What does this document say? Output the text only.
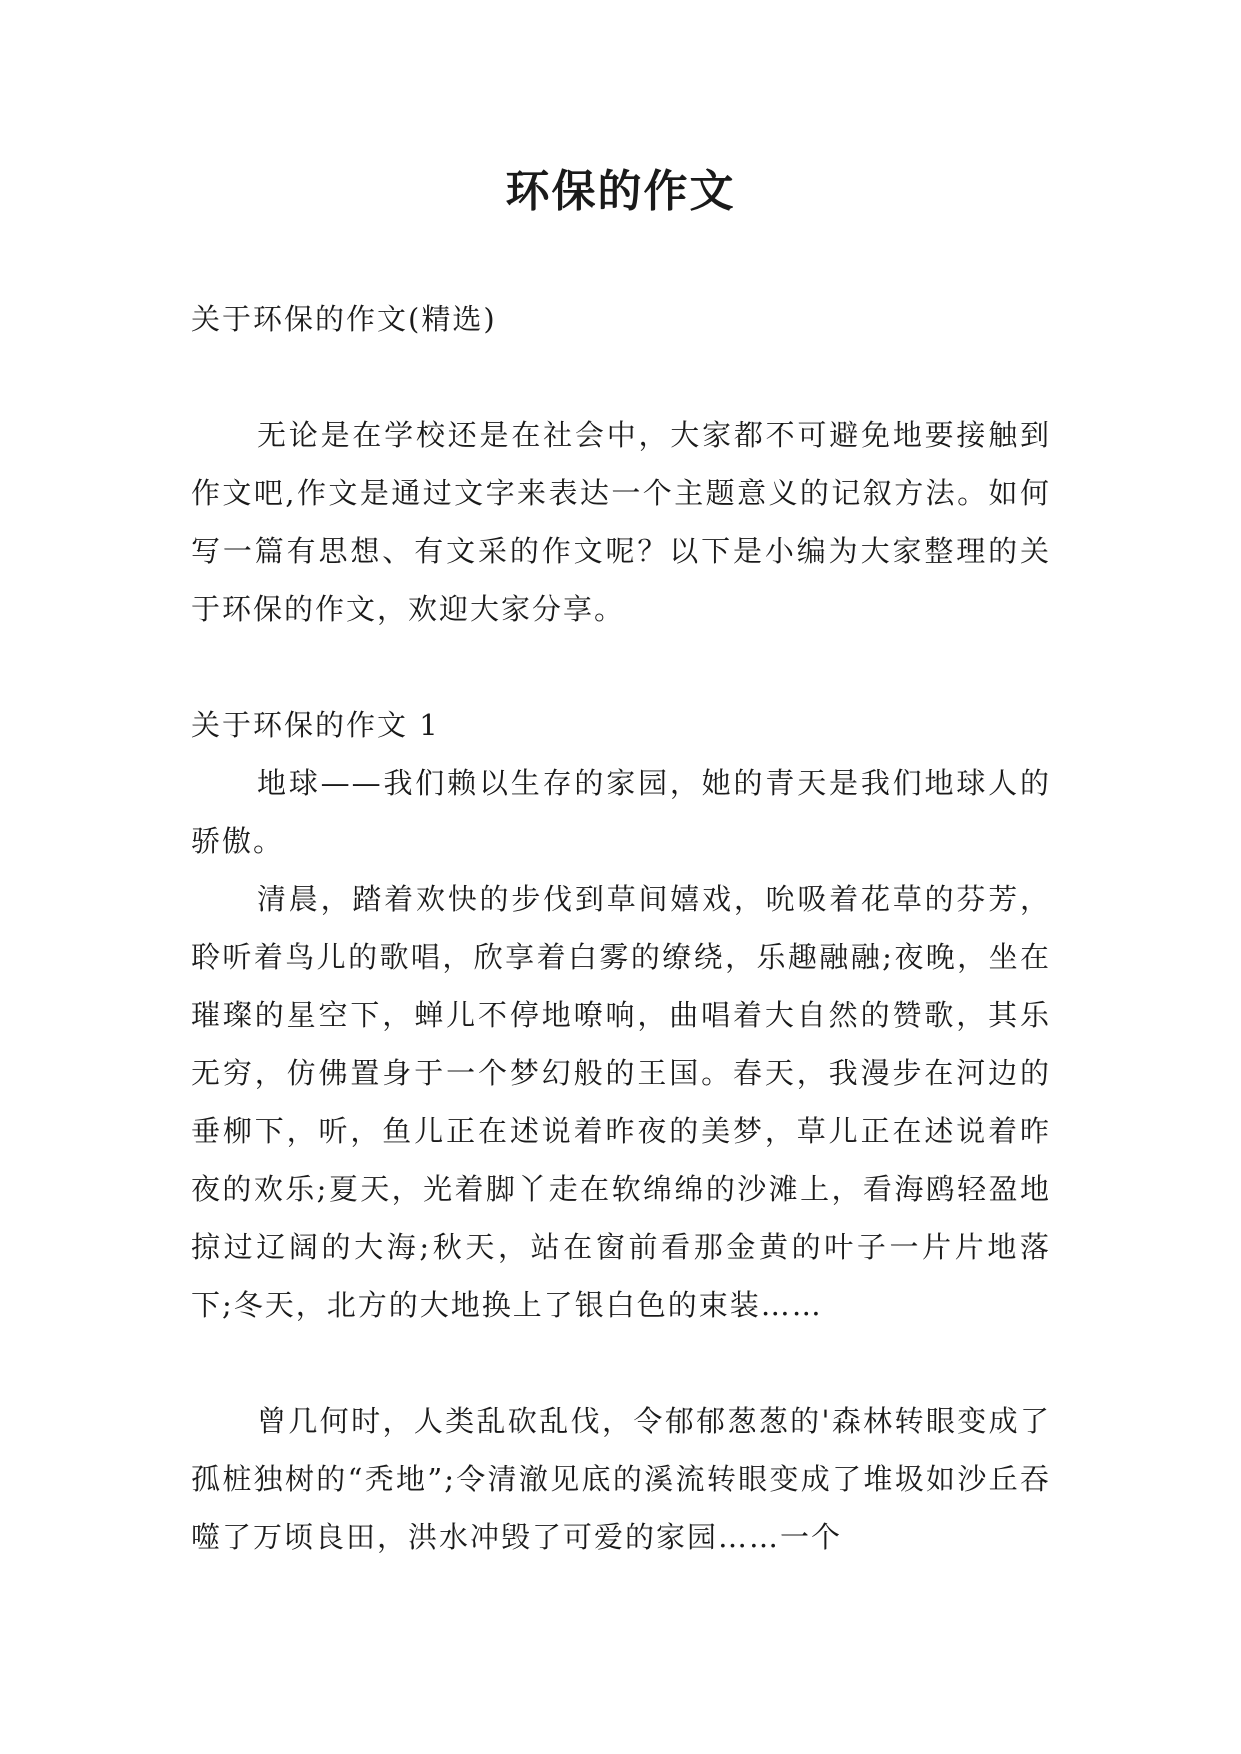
环保的作文

关于环保的作文(精选)

无论是在学校还是在社会中，大家都不可避免地要接触到作文吧,作文是通过文字来表达一个主题意义的记叙方法。如何写一篇有思想、有文采的作文呢？以下是小编为大家整理的关于环保的作文，欢迎大家分享。

关于环保的作文 1

地球——我们赖以生存的家园，她的青天是我们地球人的骄傲。

清晨，踏着欢快的步伐到草间嬉戏，吮吸着花草的芬芳，聆听着鸟儿的歌唱，欣享着白雾的缭绕，乐趣融融;夜晚，坐在璀璨的星空下，蝉儿不停地嘹响，曲唱着大自然的赞歌，其乐无穷，仿佛置身于一个梦幻般的王国。春天，我漫步在河边的垂柳下，听，鱼儿正在述说着昨夜的美梦，草儿正在述说着昨夜的欢乐;夏天，光着脚丫走在软绵绵的沙滩上，看海鸥轻盈地掠过辽阔的大海;秋天，站在窗前看那金黄的叶子一片片地落下;冬天，北方的大地换上了银白色的束装……

曾几何时，人类乱砍乱伐，令郁郁葱葱的'森林转眼变成了孤桩独树的“秃地”;令清澈见底的溪流转眼变成了堆圾如沙丘吞噬了万顷良田，洪水冲毁了可爱的家园……一个
